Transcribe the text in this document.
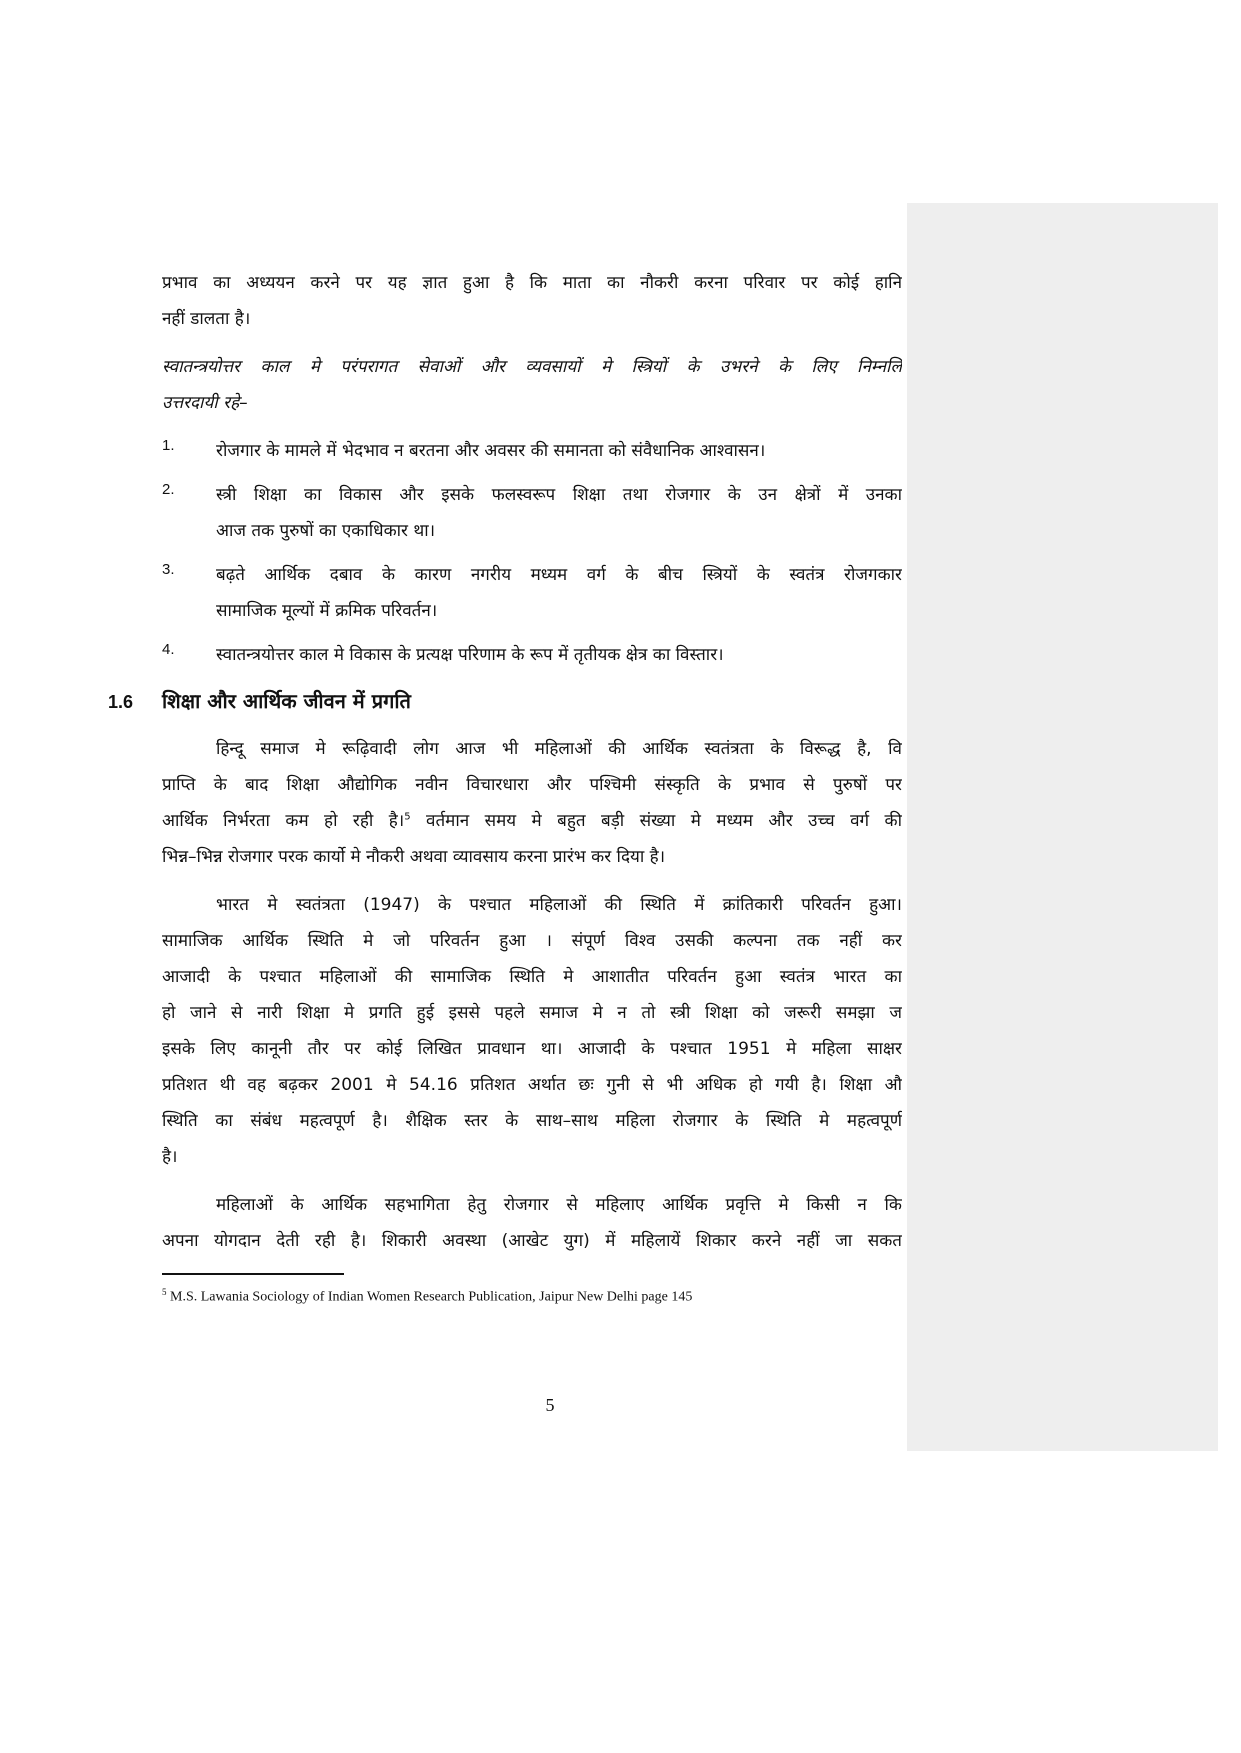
प्रभाव का अध्ययन करने पर यह ज्ञात हुआ है कि माता का नौकरी करना परिवार पर कोई हानि
नहीं डालता है।
स्वातन्त्रयोत्तर काल मे परंपरागत सेवाओं और व्यवसायों मे स्त्रियों के उभरने के लिए निम्नलि
उत्तरदायी रहे–
1. रोजगार के मामले में भेदभाव न बरतना और अवसर की समानता को संवैधानिक आश्वासन।
2. स्त्री शिक्षा का विकास और इसके फलस्वरूप शिक्षा तथा रोजगार के उन क्षेत्रों में उनका
आज तक पुरुषों का एकाधिकार था।
3. बढ़ते आर्थिक दबाव के कारण नगरीय मध्यम वर्ग के बीच स्त्रियों के स्वतंत्र रोजगकार
सामाजिक मूल्यों में क्रमिक परिवर्तन।
4. स्वातन्त्रयोत्तर काल मे विकास के प्रत्यक्ष परिणाम के रूप में तृतीयक क्षेत्र का विस्तार।
1.6 शिक्षा और आर्थिक जीवन में प्रगति
हिन्दू समाज मे रूढ़िवादी लोग आज भी महिलाओं की आर्थिक स्वतंत्रता के विरूद्ध है, वि
प्राप्ति के बाद शिक्षा औद्योगिक नवीन विचारधारा और पश्चिमी संस्कृति के प्रभाव से पुरुषों पर
आर्थिक निर्भरता कम हो रही है।$^5$ वर्तमान समय मे बहुत बड़ी संख्या मे मध्यम और उच्च वर्ग की
भिन्न–भिन्न रोजगार परक कार्यो मे नौकरी अथवा व्यावसाय करना प्रारंभ कर दिया है।
भारत मे स्वतंत्रता (1947) के पश्चात महिलाओं की स्थिति में क्रांतिकारी परिवर्तन हुआ।
सामाजिक आर्थिक स्थिति मे जो परिवर्तन हुआ । संपूर्ण विश्व उसकी कल्पना तक नहीं कर
आजादी के पश्चात महिलाओं की सामाजिक स्थिति मे आशातीत परिवर्तन हुआ स्वतंत्र भारत का
हो जाने से नारी शिक्षा मे प्रगति हुई इससे पहले समाज मे न तो स्त्री शिक्षा को जरूरी समझा ज
इसके लिए कानूनी तौर पर कोई लिखित प्रावधान था। आजादी के पश्चात 1951 मे महिला साक्षर
प्रतिशत थी वह बढ़कर 2001 मे 54.16 प्रतिशत अर्थात छः गुनी से भी अधिक हो गयी है। शिक्षा औ
स्थिति का संबंध महत्वपूर्ण है। शैक्षिक स्तर के साथ–साथ महिला रोजगार के स्थिति मे महत्वपूर्ण
है।
महिलाओं के आर्थिक सहभागिता हेतु रोजगार से महिलाए आर्थिक प्रवृत्ति मे किसी न कि
अपना योगदान देती रही है। शिकारी अवस्था (आखेट युग) में महिलायें शिकार करने नहीं जा सकत
$^5$ M.S. Lawania Sociology of Indian Women Research Publication, Jaipur New Delhi page 145
5
